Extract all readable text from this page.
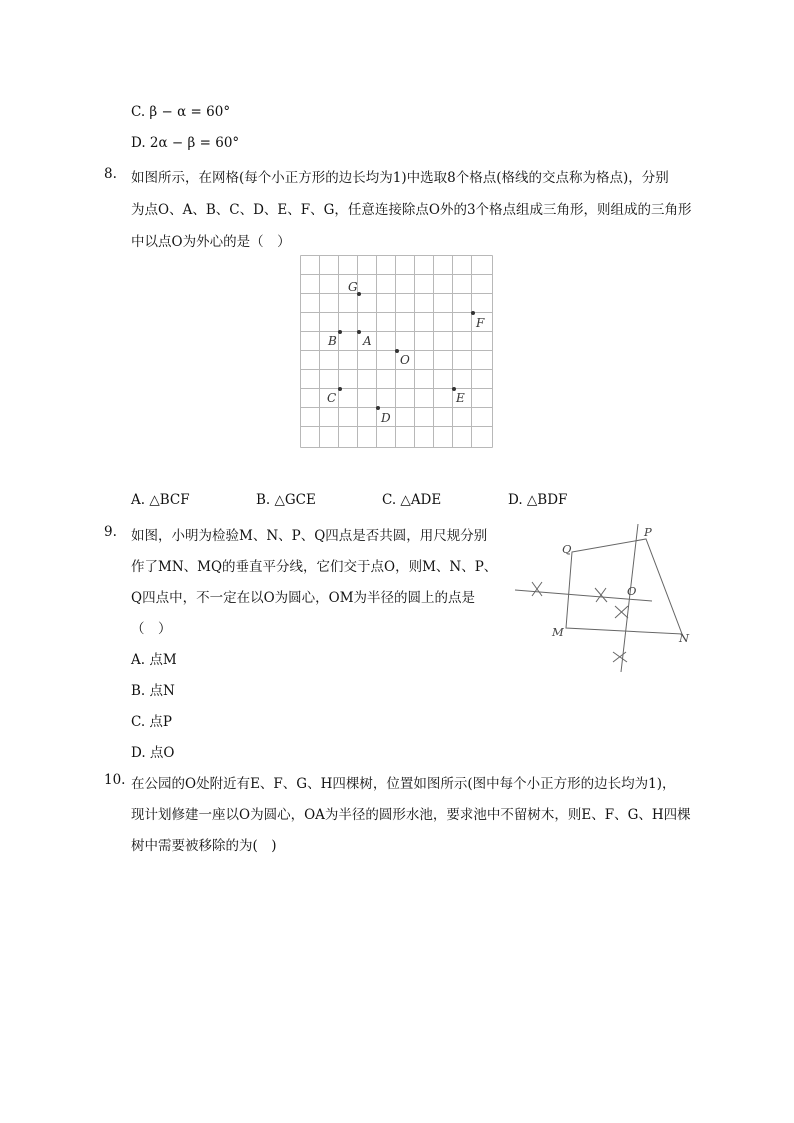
C. β − α = 60°
D. 2α − β = 60°
8. 如图所示，在网格(每个小正方形的边长均为1)中选取8个格点(格线的交点称为格点)，分别
为点O、A、B、C、D、E、F、G，任意连接除点O外的3个格点组成三角形，则组成的三角形
中以点O为外心的是（　）
G
F
B A
O
C	E
D
A. △BCF	B. △GCE	C. △ADE	D. △BDF
9. 如图，小明为检验M、N、P、Q四点是否共圆，用尺规分别
作了MN、MQ的垂直平分线，它们交于点O，则M、N、P、
Q四点中，不一定在以O为圆心，OM为半径的圆上的点是
（　）
A. 点M
B. 点N
C. 点P
D. 点O
Q
P
O
M	N
10. 在公园的O处附近有E、F、G、H四棵树，位置如图所示(图中每个小正方形的边长均为1)，
现计划修建一座以O为圆心，OA为半径的圆形水池，要求池中不留树木，则E、F、G、H四棵
树中需要被移除的为(　)
